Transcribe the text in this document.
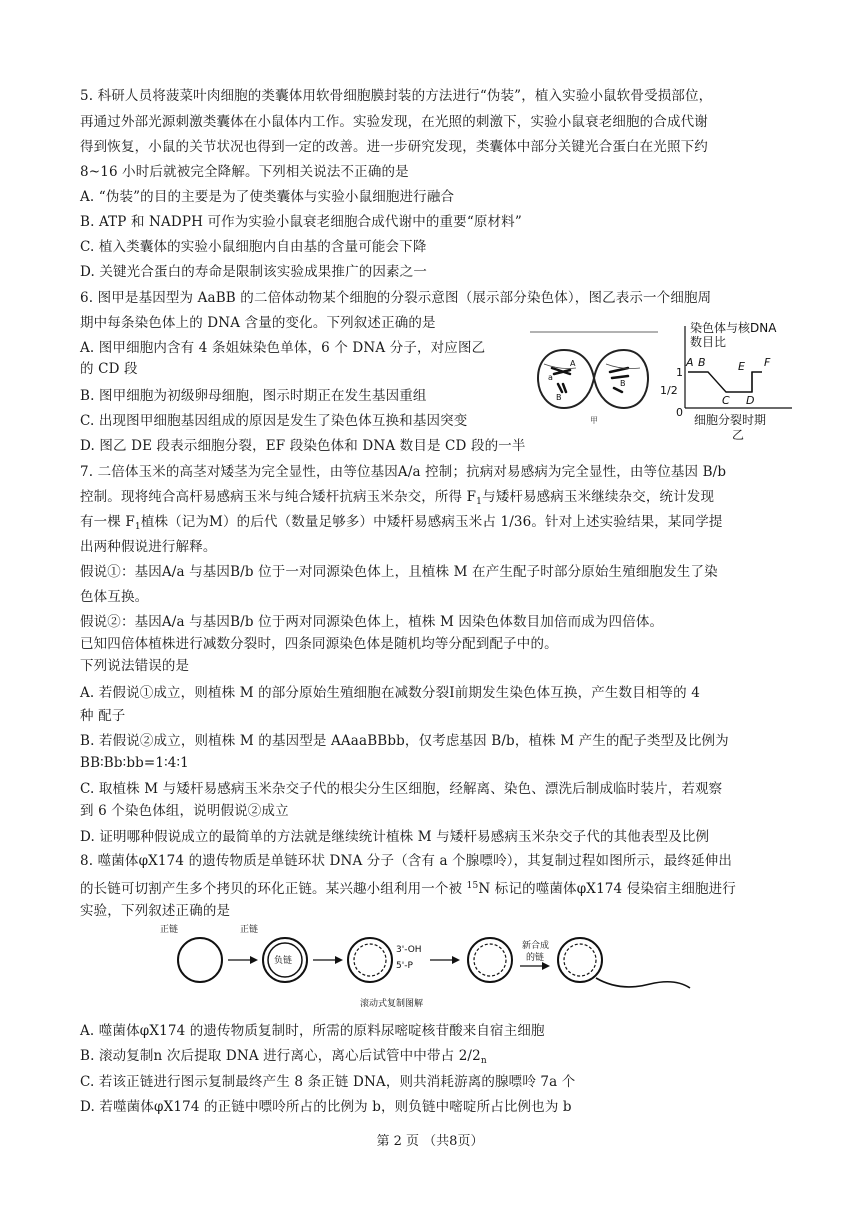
5. 科研人员将菠菜叶肉细胞的类囊体用软骨细胞膜封装的方法进行“伪装”，植入实验小鼠软骨受损部位，
再通过外部光源刺激类囊体在小鼠体内工作。实验发现，在光照的刺激下，实验小鼠衰老细胞的合成代谢
得到恢复，小鼠的关节状况也得到一定的改善。进一步研究发现，类囊体中部分关键光合蛋白在光照下约
8~16 小时后就被完全降解。下列相关说法不正确的是
A. “伪装”的目的主要是为了使类囊体与实验小鼠细胞进行融合
B. ATP 和 NADPH 可作为实验小鼠衰老细胞合成代谢中的重要“原材料”
C. 植入类囊体的实验小鼠细胞内自由基的含量可能会下降
D. 关键光合蛋白的寿命是限制该实验成果推广的因素之一
6. 图甲是基因型为 AaBB 的二倍体动物某个细胞的分裂示意图（展示部分染色体），图乙表示一个细胞周
期中每条染色体上的 DNA 含量的变化。下列叙述正确的是
A. 图甲细胞内含有 4 条姐妹染色单体，6 个 DNA 分子，对应图乙
的 CD 段
B. 图甲细胞为初级卵母细胞，图示时期正在发生基因重组
C. 出现图甲细胞基因组成的原因是发生了染色体互换和基因突变
D. 图乙 DE 段表示细胞分裂，EF 段染色体和 DNA 数目是 CD 段的一半
A
a
B
B
甲
染色体与核DNA
数目比
1
1/2
0
A B
C D
E F
细胞分裂时期
乙
7. 二倍体玉米的高茎对矮茎为完全显性，由等位基因A/a 控制；抗病对易感病为完全显性，由等位基因 B/b
控制。现将纯合高杆易感病玉米与纯合矮杆抗病玉米杂交，所得 $F_1$与矮杆易感病玉米继续杂交，统计发现
有一棵 $F_1$植株（记为M）的后代（数量足够多）中矮杆易感病玉米占 1/36。针对上述实验结果，某同学提
出两种假说进行解释。
假说①：基因A/a 与基因B/b 位于一对同源染色体上，且植株 M 在产生配子时部分原始生殖细胞发生了染
色体互换。
假说②：基因A/a 与基因B/b 位于两对同源染色体上，植株 M 因染色体数目加倍而成为四倍体。
已知四倍体植株进行减数分裂时，四条同源染色体是随机均等分配到配子中的。
下列说法错误的是
A. 若假说①成立，则植株 M 的部分原始生殖细胞在减数分裂Ⅰ前期发生染色体互换，产生数目相等的 4
种 配子
B. 若假说②成立，则植株 M 的基因型是 AAaaBBbb，仅考虑基因 B/b，植株 M 产生的配子类型及比例为
BB∶Bb∶bb=1∶4∶1
C. 取植株 M 与矮杆易感病玉米杂交子代的根尖分生区细胞，经解离、染色、漂洗后制成临时装片，若观察
到 6 个染色体组，说明假说②成立
D. 证明哪种假说成立的最简单的方法就是继续统计植株 M 与矮杆易感病玉米杂交子代的其他表型及比例
8. 噬菌体φX174 的遗传物质是单链环状 DNA 分子（含有 a 个腺嘌呤），其复制过程如图所示，最终延伸出
的长链可切割产生多个拷贝的环化正链。某兴趣小组利用一个被 $^{15}$N 标记的噬菌体φX174 侵染宿主细胞进行
实验，下列叙述正确的是
正链	正链
负链
3'-OH
5'-P
新合成
的链
滚动式复制图解
A. 噬菌体φX174 的遗传物质复制时，所需的原料尿嘧啶核苷酸来自宿主细胞
B. 滚动复制n 次后提取 DNA 进行离心，离心后试管中中带占 $2/2_n$
C. 若该正链进行图示复制最终产生 8 条正链 DNA，则共消耗游离的腺嘌呤 7a 个
D. 若噬菌体φX174 的正链中嘌呤所占的比例为 b，则负链中嘧啶所占比例也为 b
第 2 页 （共8页）
